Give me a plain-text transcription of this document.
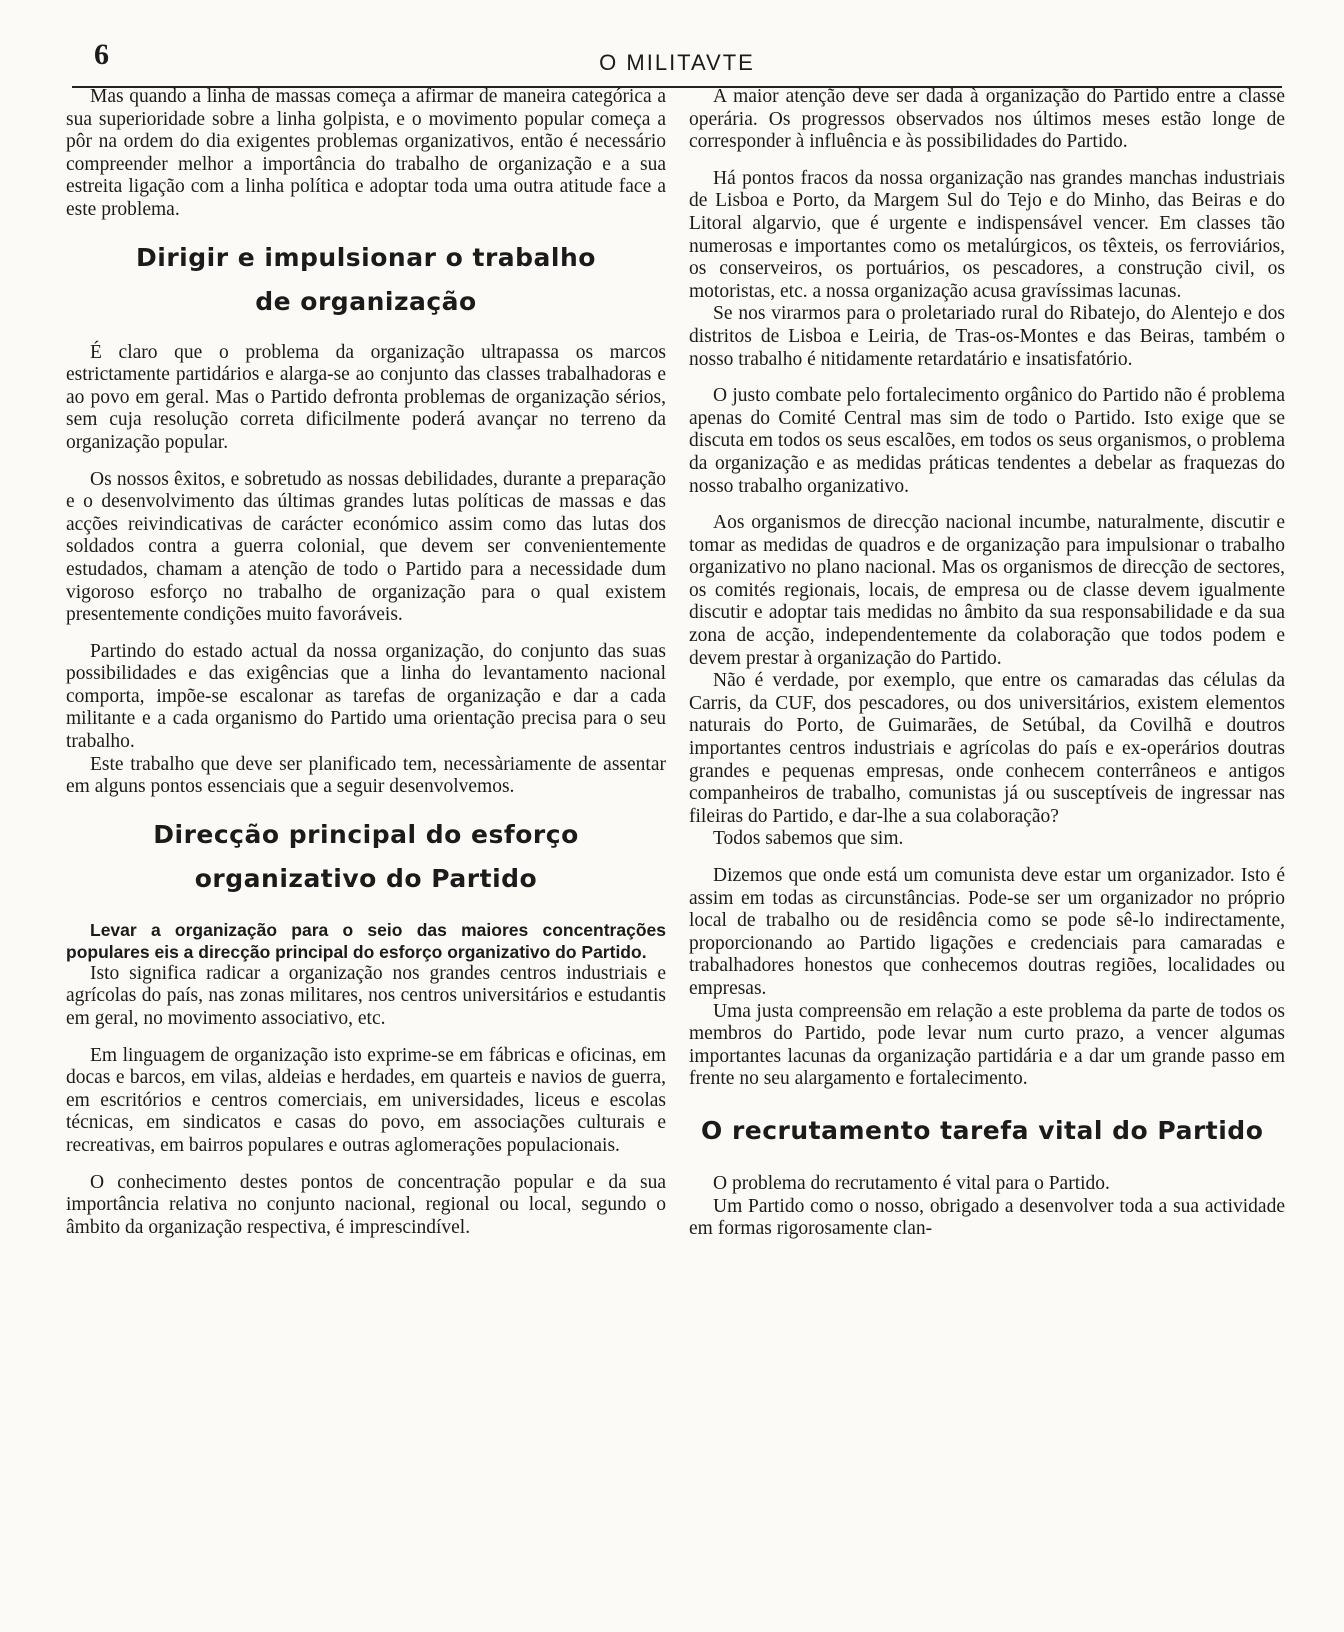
6	O MILITAVTE

Mas quando a linha de massas começa a afirmar de maneira categórica a sua superioridade sobre a linha golpista, e o movimento popular começa a pôr na ordem do dia exigentes problemas organizativos, então é necessário compreender melhor a importância do trabalho de organização e a sua estreita ligação com a linha política e adoptar toda uma outra atitude face a este problema.

Dirigir e impulsionar o trabalho
de organização

É claro que o problema da organização ultrapassa os marcos estrictamente partidários e alarga-se ao conjunto das classes trabalhadoras e ao povo em geral. Mas o Partido defronta problemas de organização sérios, sem cuja resolução correta dificilmente poderá avançar no terreno da organização popular.

Os nossos êxitos, e sobretudo as nossas debilidades, durante a preparação e o desenvolvimento das últimas grandes lutas políticas de massas e das acções reivindicativas de carácter económico assim como das lutas dos soldados contra a guerra colonial, que devem ser convenientemente estudados, chamam a atenção de todo o Partido para a necessidade dum vigoroso esforço no trabalho de organização para o qual existem presentemente condições muito favoráveis.

Partindo do estado actual da nossa organização, do conjunto das suas possibilidades e das exigências que a linha do levantamento nacional comporta, impõe-se escalonar as tarefas de organização e dar a cada militante e a cada organismo do Partido uma orientação precisa para o seu trabalho.

Este trabalho que deve ser planificado tem, necessàriamente de assentar em alguns pontos essenciais que a seguir desenvolvemos.

Direcção principal do esforço
organizativo do Partido

Levar a organização para o seio das maiores concentrações populares eis a direcção principal do esforço organizativo do Partido.

Isto significa radicar a organização nos grandes centros industriais e agrícolas do país, nas zonas militares, nos centros universitários e estudantis em geral, no movimento associativo, etc.

Em linguagem de organização isto exprime-se em fábricas e oficinas, em docas e barcos, em vilas, aldeias e herdades, em quarteis e navios de guerra, em escritórios e centros comerciais, em universidades, liceus e escolas técnicas, em sindicatos e casas do povo, em associações culturais e recreativas, em bairros populares e outras aglomerações populacionais.

O conhecimento destes pontos de concentração popular e da sua importância relativa no conjunto nacional, regional ou local, segundo o âmbito da organização respectiva, é imprescindível.

A maior atenção deve ser dada à organização do Partido entre a classe operária. Os progressos observados nos últimos meses estão longe de corresponder à influência e às possibilidades do Partido.

Há pontos fracos da nossa organização nas grandes manchas industriais de Lisboa e Porto, da Margem Sul do Tejo e do Minho, das Beiras e do Litoral algarvio, que é urgente e indispensável vencer. Em classes tão numerosas e importantes como os metalúrgicos, os têxteis, os ferroviários, os conserveiros, os portuários, os pescadores, a construção civil, os motoristas, etc. a nossa organização acusa gravíssimas lacunas.

Se nos virarmos para o proletariado rural do Ribatejo, do Alentejo e dos distritos de Lisboa e Leiria, de Tras-os-Montes e das Beiras, também o nosso trabalho é nitidamente retardatário e insatisfatório.

O justo combate pelo fortalecimento orgânico do Partido não é problema apenas do Comité Central mas sim de todo o Partido. Isto exige que se discuta em todos os seus escalões, em todos os seus organismos, o problema da organização e as medidas práticas tendentes a debelar as fraquezas do nosso trabalho organizativo.

Aos organismos de direcção nacional incumbe, naturalmente, discutir e tomar as medidas de quadros e de organização para impulsionar o trabalho organizativo no plano nacional. Mas os organismos de direcção de sectores, os comités regionais, locais, de empresa ou de classe devem igualmente discutir e adoptar tais medidas no âmbito da sua responsabilidade e da sua zona de acção, independentemente da colaboração que todos podem e devem prestar à organização do Partido.

Não é verdade, por exemplo, que entre os camaradas das células da Carris, da CUF, dos pescadores, ou dos universitários, existem elementos naturais do Porto, de Guimarães, de Setúbal, da Covilhã e doutros importantes centros industriais e agrícolas do país e ex-operários doutras grandes e pequenas empresas, onde conhecem conterrâneos e antigos companheiros de trabalho, comunistas já ou susceptíveis de ingressar nas fileiras do Partido, e dar-lhe a sua colaboração?

Todos sabemos que sim.

Dizemos que onde está um comunista deve estar um organizador. Isto é assim em todas as circunstâncias. Pode-se ser um organizador no próprio local de trabalho ou de residência como se pode sê-lo indirectamente, proporcionando ao Partido ligações e credenciais para camaradas e trabalhadores honestos que conhecemos doutras regiões, localidades ou empresas.

Uma justa compreensão em relação a este problema da parte de todos os membros do Partido, pode levar num curto prazo, a vencer algumas importantes lacunas da organização partidária e a dar um grande passo em frente no seu alargamento e fortalecimento.

O recrutamento tarefa vital do Partido

O problema do recrutamento é vital para o Partido.

Um Partido como o nosso, obrigado a desenvolver toda a sua actividade em formas rigorosamente clan-
